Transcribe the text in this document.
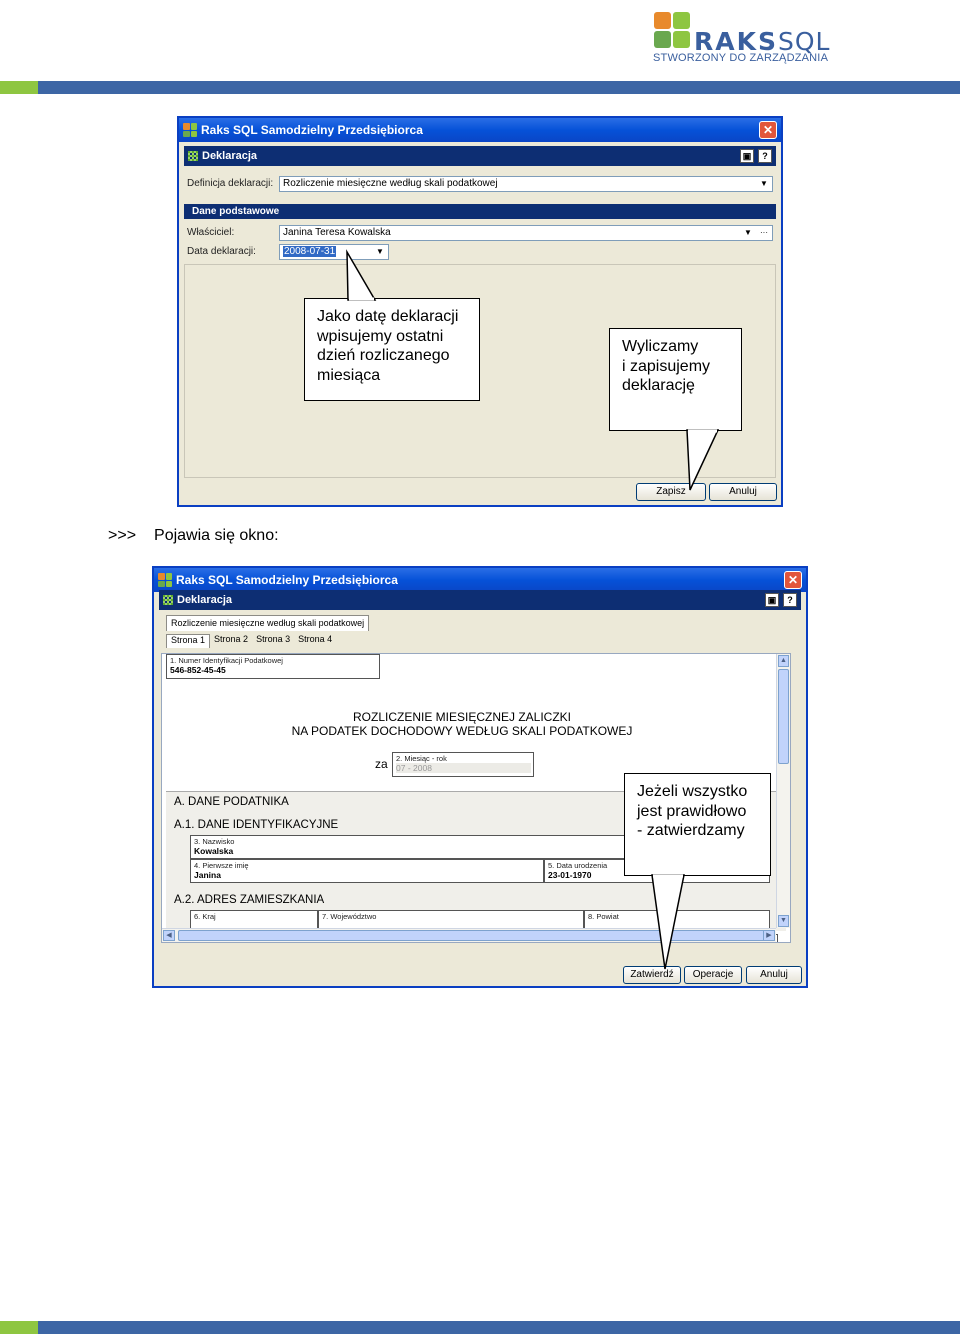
RAKSSQL
STWORZONY DO ZARZĄDZANIA
Raks SQL Samodzielny Przedsiębiorca	✕
Deklaracja	▣	?
Definicja deklaracji: Rozliczenie miesięczne według skali podatkowej	▼
Dane podstawowe
Właściciel:	Janina Teresa Kowalska	▼ ···
Data deklaracji:	2008-07-31	▼
Zapisz	Anuluj
Jako datę deklaracji
wpisujemy ostatni
dzień rozliczanego
miesiąca
Wyliczamy
i zapisujemy
deklarację
>>> Pojawia się okno:
Raks SQL Samodzielny Przedsiębiorca	✕
Deklaracja	▣	?
Rozliczenie miesięczne według skali podatkowej
Strona 1	Strona 2 Strona 3 Strona 4
1. Numer Identyfikacji Podatkowej
546-852-45-45
ROZLICZENIE MIESIĘCZNEJ ZALICZKI
NA PODATEK DOCHODOWY WEDŁUG SKALI PODATKOWEJ
za 2. Miesiąc - rok
07 - 2008
A. DANE PODATNIKA
A.1. DANE IDENTYFIKACYJNE
3. Nazwisko
Kowalska
4. Pierwsze imię
Janina
5. Data urodzenia
23-01-1970
A.2. ADRES ZAMIESZKANIA
6. Kraj	7. Województwo	8. Powiat
▲
▼
◀	▶
Zatwierdź	Operacje	Anuluj
Jeżeli wszystko
jest prawidłowo
- zatwierdzamy
